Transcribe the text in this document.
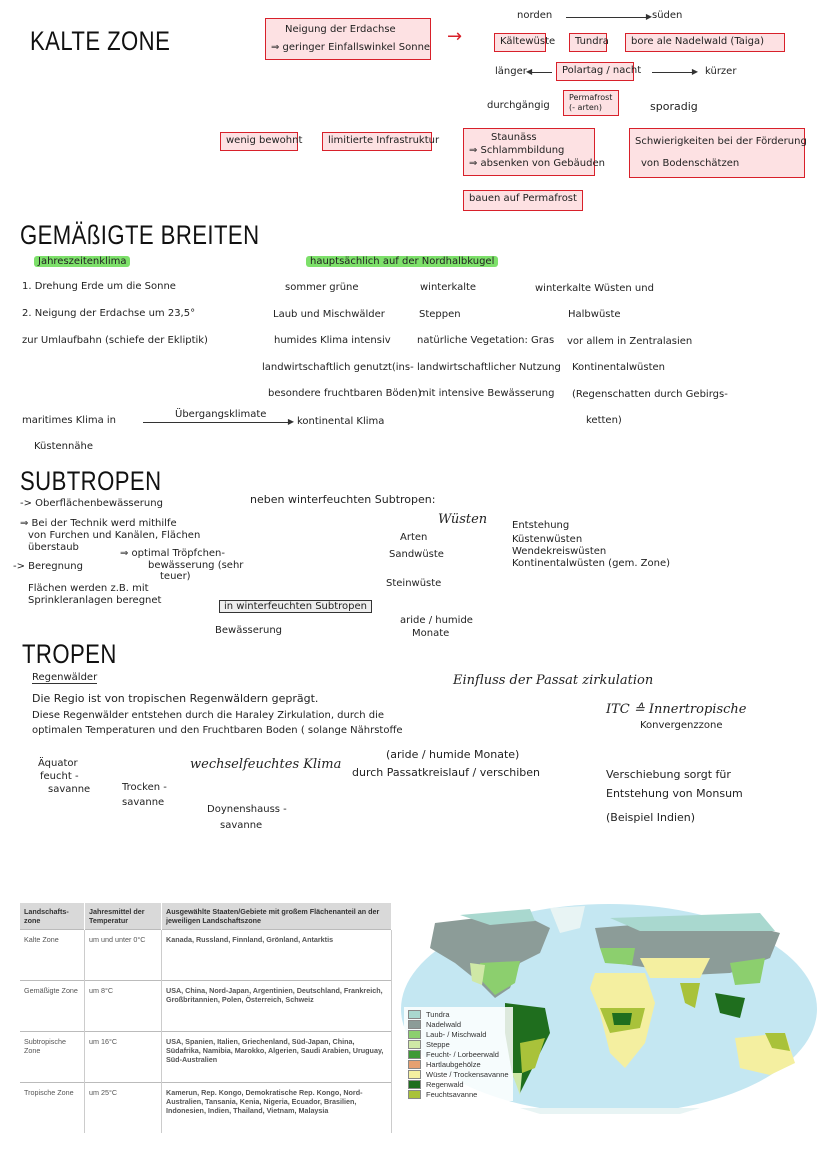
KALTE ZONE	Neigung der Erdachse
⇒ geringer Einfallswinkel Sonne
→
norden ▶	süden
Kältewüste	Tundra	bore ale Nadelwald (Taiga)
länger ◀	Polartag / nacht ▶	kürzer
durchgängig
Permafrost
(- arten)	sporadig
wenig bewohnt	limitierte Infrastruktur	Staunäss
⇒ Schlammbildung
⇒ absenken von Gebäuden
Schwierigkeiten bei der Förderung
von Bodenschätzen
bauen auf Permafrost
GEMÄßIGTE BREITEN
Jahreszeitenklima
1. Drehung Erde um die Sonne
2. Neigung der Erdachse um 23,5°
zur Umlaufbahn (schiefe der Ekliptik)
hauptsächlich auf der Nordhalbkugel
sommer grüne
Laub und Mischwälder
humides Klima intensiv
landwirtschaftlich genutzt(ins-
besondere fruchtbaren Böden)
winterkalte
Steppen
natürliche Vegetation: Gras
landwirtschaftlicher Nutzung
mit intensive Bewässerung
winterkalte Wüsten und
Halbwüste
vor allem in Zentralasien
Kontinentalwüsten
(Regenschatten durch Gebirgs-
ketten)
maritimes Klima in
Küstennähe
Übergangsklimate
▶
kontinental Klima
SUBTROPEN
-> Oberflächenbewässerung
⇒ Bei der Technik werd mithilfe
von Furchen und Kanälen, Flächen
überstaub
-> Beregnung
⇒ optimal Tröpfchen-
bewässerung (sehr
teuer)
Flächen werden z.B. mit
Sprinkleranlagen beregnet
neben winterfeuchten Subtropen:
Wüsten
Arten
Sandwüste
Steinwüste
Entstehung
Küstenwüsten
Wendekreiswüsten
Kontinentalwüsten (gem. Zone)
in winterfeuchten Subtropen
Bewässerung
aride / humide
Monate
TROPEN
Regenwälder
Die Regio ist von tropischen Regenwäldern geprägt.
Diese Regenwälder entstehen durch die Haraley Zirkulation, durch die
optimalen Temperaturen und den Fruchtbaren Boden ( solange Nährstoffe
Einfluss der Passat zirkulation
ITC ≙ Innertropische
Konvergenzzone
Äquator
feucht -
savanne	Trocken -
savanne
Doynenshauss -
savanne
wechselfeuchtes Klima
(aride / humide Monate)
durch Passatkreislauf / verschiben	Verschiebung sorgt für
Entstehung von Monsum
(Beispiel Indien)
Landschafts- zone	Jahresmittel der Temperatur	Ausgewählte Staaten/Gebiete mit großem Flächenanteil an der jeweiligen Landschaftszone
Kalte Zone	um und unter 0°C	Kanada, Russland, Finnland, Grönland, Antarktis
Gemäßigte Zone	um 8°C	USA, China, Nord-Japan, Argentinien, Deutschland, Frankreich, Großbritannien, Polen, Österreich, Schweiz
Subtropische Zone	um 16°C	USA, Spanien, Italien, Griechenland, Süd-Japan, China, Südafrika, Namibia, Marokko, Algerien, Saudi Arabien, Uruguay, Süd-Australien
Tropische Zone	um 25°C	Kamerun, Rep. Kongo, Demokratische Rep. Kongo, Nord-Australien, Tansania, Kenia, Nigeria, Ecuador, Brasilien, Indonesien, Indien, Thailand, Vietnam, Malaysia
Tundra
Nadelwald
Laub- / Mischwald
Steppe
Feucht- / Lorbeerwald
Hartlaubgehölze
Wüste / Trockensavanne
Regenwald
Feuchtsavanne
